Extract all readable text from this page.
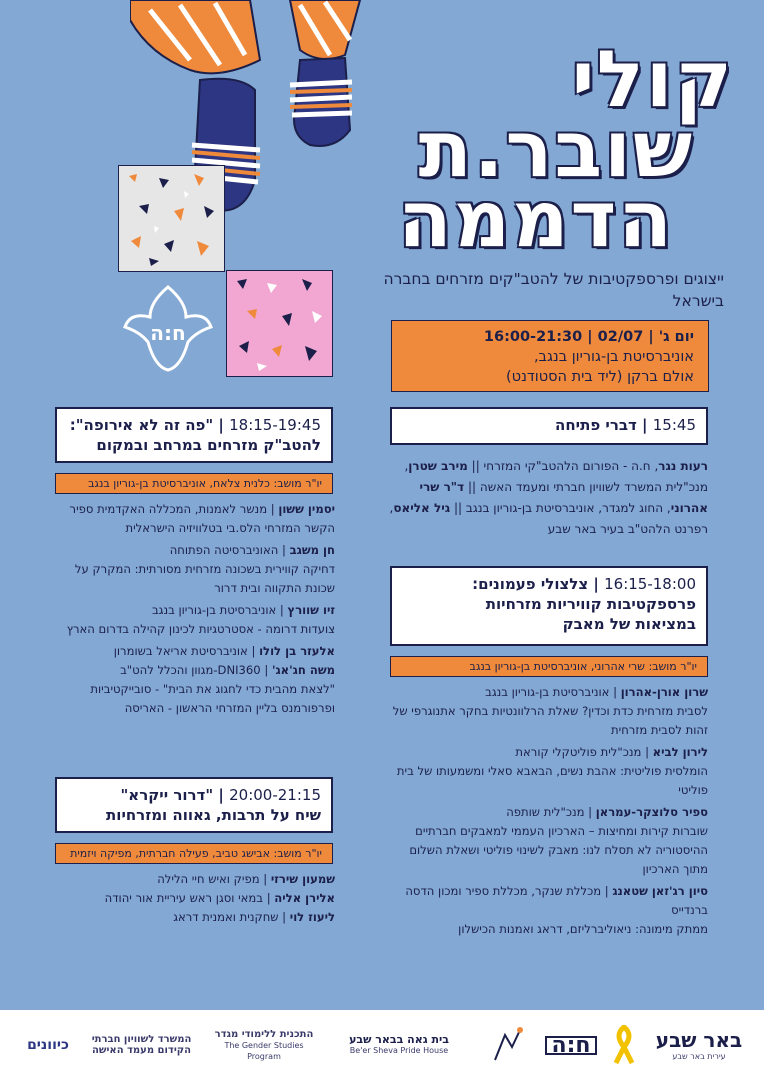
ח:ה
קולי
שובר.ת
הדממה
ייצוגים ופרספקטיבות של להטב"קים מזרחים בחברה בישראל
יום ג' | 02/07 | 16:00-21:30
אוניברסיטת בן-גוריון בנגב,
אולם ברקן (ליד בית הסטודנט)
15:45 | דברי פתיחה
רעות נגר, ח.ה - הפורום הלהטב"קי המזרחי || מירב שטרן, מנכ"לית המשרד לשוויון חברתי ומעמד האשה || ד"ר שרי אהרוני, החוג למגדר, אוניברסיטת בן-גוריון בנגב || גיל אליאס, רפרנט הלהט"ב בעיר באר שבע
16:15-18:00 | צלצולי פעמונים:
פרספקטיבות קוויריות מזרחיות
במציאות של מאבק
יו"ר מושב: שרי אהרוני, אוניברסיטת בן-גוריון בנגב

שרון אורן-אהרון | אוניברסיטת בן-גוריון בנגב
לסבית מזרחית כדת וכדין? שאלת הרלוונטיות בחקר אתנוגרפי של זהות לסבית מזרחית

לירון לביא | מנכ"לית פוליטקלי קוראת
הומלסית פוליטית: אהבת נשים, הבאבא סאלי ומשמעותו של בית פוליטי

ספיר סלוצקר-עמראן | מנכ"לית שותפה
שוברות קירות ומחיצות – הארכיון העממי למאבקים חברתיים ההיסטוריה לא תסלח לנו: מאבק לשינוי פוליטי ושאלת השלום מתוך הארכיון

סיון רג'זאן שטאנג | מכללת שנקר, מכללת ספיר ומכון הדסה ברנדייס
ממתק מימונה: ניאוליברליזם, דראג ואמנות הכישלון

18:15-19:45 | "פה זה לא אירופה":
להטב"ק מזרחים במרחב ובמקום
יו"ר מושב: כלנית צלאח, אוניברסיטת בן-גוריון בנגב

יסמין ששון | מנשר לאמנות, המכללה האקדמית ספיר
הקשר המזרחי הלס.בי בטלוויזיה הישראלית

חן משגב | האוניברסיטה הפתוחה
דחיקה קווירית בשכונה מזרחית מסורתית: המקרק על שכונת התקווה ובית דרור

זיו שוורץ | אוניברסיטת בן-גוריון בנגב
צועדות דרומה - אסטרטגיות לכינון קהילה בדרום הארץ

אלעזר בן לולו | אוניברסיטת אריאל בשומרון

משה חג'אג' | DNI360-מגוון והכלל להט"ב
"לצאת מהבית כדי לחגוג את הבית" - סובייקטיביות ופרפורמנס בליין המזרחי הראשון - האריסה

20:00-21:15 | "דרור ייקרא"
שיח על תרבות, גאווה ומזרחיות
יו"ר מושב: אבישג טביב, פעילה חברתית, מפיקה ויזמית
שמעון שירזי | מפיק ואיש חיי הלילה
אלירן אליה | במאי וסגן ראש עיריית אור יהודה
ליעוז לוי | שחקנית ואמנית דראג
באר שבע
עירית באר שבע
ח:ה
בית גאה בבאר שבע
Be'er Sheva Pride House
התכנית ללימודי מגדר
The Gender Studies Program
המשרד לשוויון חברתי
הקידום מעמד האישה
כיוונים
